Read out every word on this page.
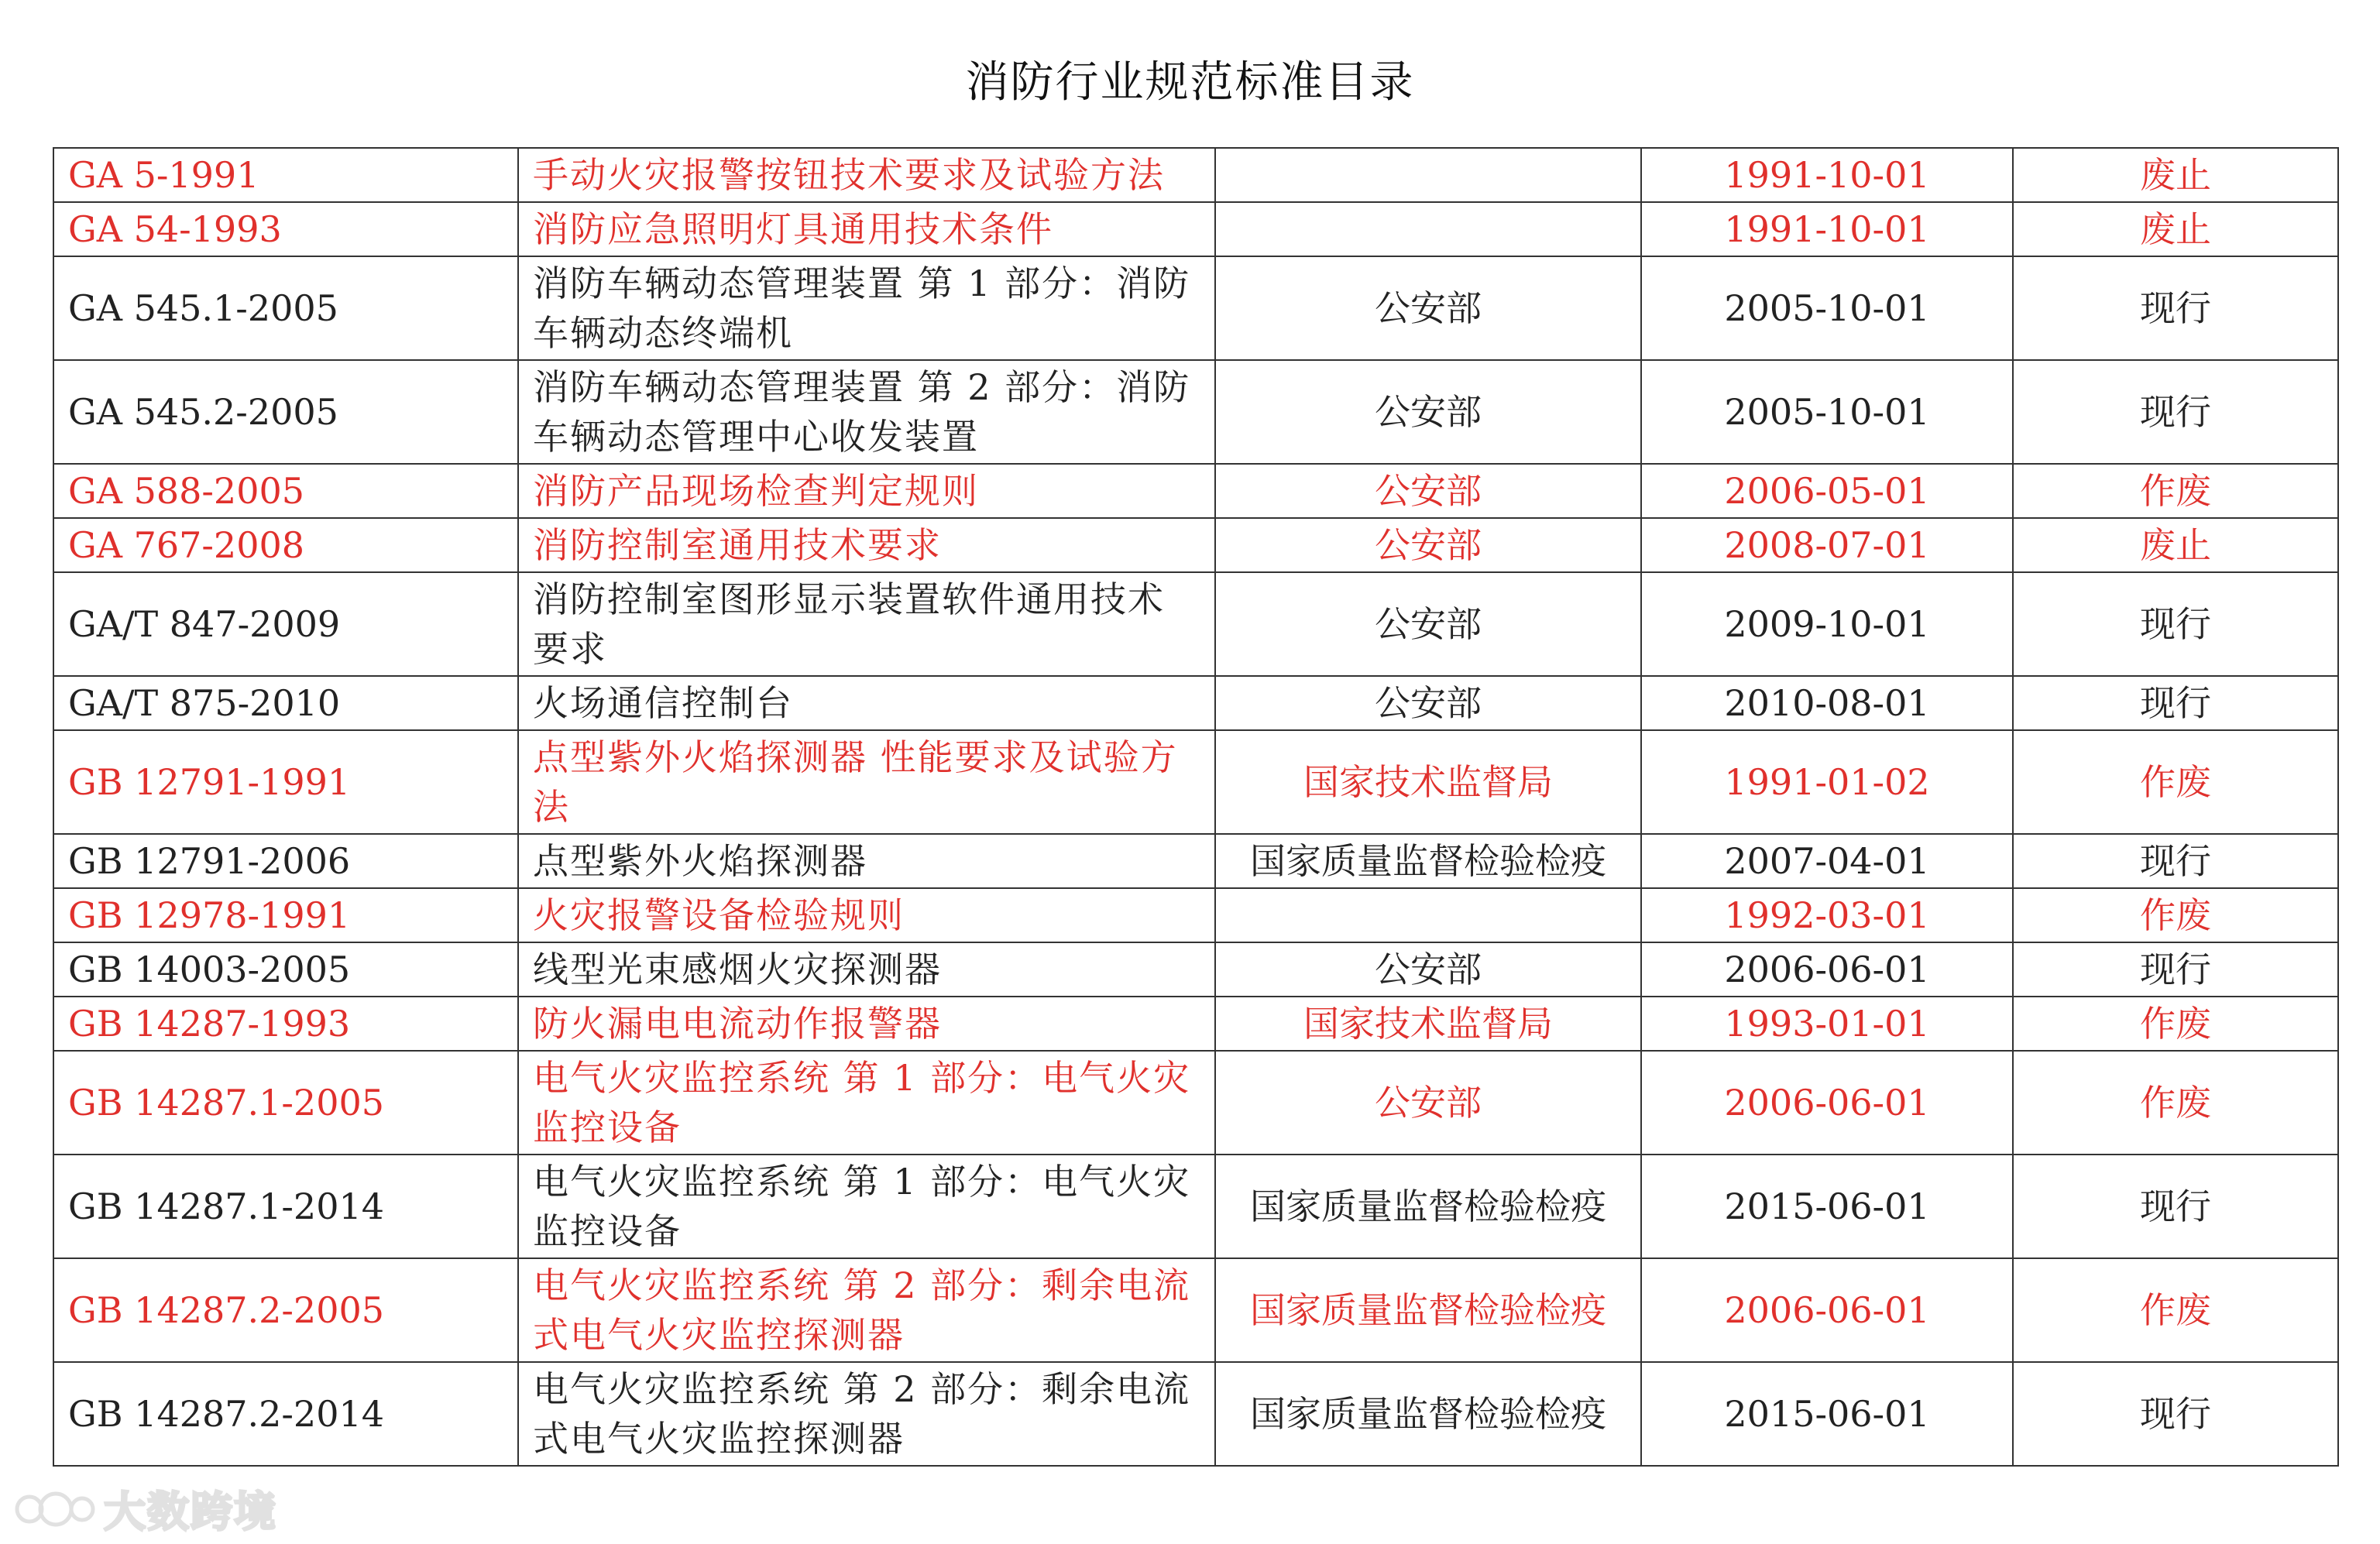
消防行业规范标准目录
GA 5-1991	手动火灾报警按钮技术要求及试验方法		1991-10-01	废止
GA 54-1993	消防应急照明灯具通用技术条件		1991-10-01	废止
GA 545.1-2005	消防车辆动态管理装置 第 1 部分：消防车辆动态终端机	公安部	2005-10-01	现行
GA 545.2-2005	消防车辆动态管理装置 第 2 部分：消防车辆动态管理中心收发装置	公安部	2005-10-01	现行
GA 588-2005	消防产品现场检查判定规则	公安部	2006-05-01	作废
GA 767-2008	消防控制室通用技术要求	公安部	2008-07-01	废止
GA/T 847-2009	消防控制室图形显示装置软件通用技术要求	公安部	2009-10-01	现行
GA/T 875-2010	火场通信控制台	公安部	2010-08-01	现行
GB 12791-1991	点型紫外火焰探测器 性能要求及试验方法	国家技术监督局	1991-01-02	作废
GB 12791-2006	点型紫外火焰探测器	国家质量监督检验检疫	2007-04-01	现行
GB 12978-1991	火灾报警设备检验规则		1992-03-01	作废
GB 14003-2005	线型光束感烟火灾探测器	公安部	2006-06-01	现行
GB 14287-1993	防火漏电电流动作报警器	国家技术监督局	1993-01-01	作废
GB 14287.1-2005	电气火灾监控系统 第 1 部分：电气火灾监控设备	公安部	2006-06-01	作废
GB 14287.1-2014	电气火灾监控系统 第 1 部分：电气火灾监控设备	国家质量监督检验检疫	2015-06-01	现行
GB 14287.2-2005	电气火灾监控系统 第 2 部分：剩余电流式电气火灾监控探测器	国家质量监督检验检疫	2006-06-01	作废
GB 14287.2-2014	电气火灾监控系统 第 2 部分：剩余电流式电气火灾监控探测器	国家质量监督检验检疫	2015-06-01	现行
大数跨境
